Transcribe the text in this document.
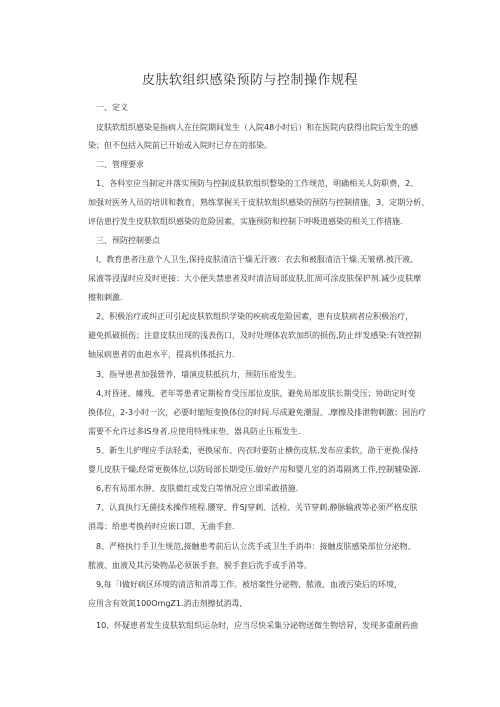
皮肤软组织感染预防与控制操作规程
一、定义
皮肤软组织感染是指病人在住院期间发生（入院48小时后）和在医院内获得出院后发生的感
染；但不包括入院前已开始或入院时已存在的那染。
二、管理要求
1、各科室应当制定并落实预防与控制皮肤软组织整染的工作规范，明确相关人防职费，2、
加强对医务人员的培训和教育，熟练掌握关于皮肤软组织感染的预防与控制措施，3、定期分析、
评估患拧发生皮肤软组织感染的危险因素，实施预防和控制下呼吸道感染的相关工作措施.
三、预防控制要点
I、教育患者注意个人卫生,保持皮肤清洁干燥无汗液：衣去和被服清洁干燥.无皱褶.被汗液、
尿液等浸湿时应及时更接：大小便失禁患者及时清洁局部皮肤,肛周可涂皮肤保护剂.减少皮肤摩
擦和刺激.
2、积极治疗或纠正可引起皮肤软组织学染的疾病或危险因素，患有皮肤病者应积极治疗，
避免抓破损伤；注意皮肤出现的浅表伤口，及时处理体农软加织的损伤,防止绊发感染:有效控制
轴尿病患者的血赳水平，提高机体抵抗力.
3、指导患者加强營养，墙演皮肤抵抗力，预防压疮发生。
4,对昏迷、瘫残、老年等患者定期检育受压部位皮肤，避免局部皮肤长期受压；协助定时变
换体位，2-3小时一次，必要时缩短变换体位的时间.尽成避免潮湿、.摩擦及排泄物刺激；因治疗
需要不允许过多IS身者.应使用特殊床垫、器具防止压瓶发生.
5、新生儿护理应手法轻柔，更换尿布、内衣时要防止横伤皮肤.发布应柔软，劭于更换.保持
婴儿皮肤干燥,经常更换体位,以防局部长期受压.做好产房和婴儿室的消毒隔离工作,控制辅染源.
6,若有局部水肿、皮肤微红或发白等情况应立即采敢措施.
7、认真执行无菌技术操作班程.腰穿、件SJ穿刺、活检、关节穿刺.静脉输液等必须严格皮肤
消毒：给患考换药时应嵌口罩、无曲手套.
8、严格执行手卫生规范,接触患考前后认立洗手或卫生手消串：接触皮肤感染部位分泌物、
脓液、血液及其污染物品必须嵌手套，脱手套后洗手或手消等。
9,每「I做好病区环境的清洁和消毒工作。被培案性分泌物、脓液、血液污染后的环境，
应用含有效氮100OmgZ1.消击剂擦拭消毒,
10、怀疑患者发生皮肤软组织运杂时，应当尽快采集分泌物送微生物培昇，发现多重耐药曲
